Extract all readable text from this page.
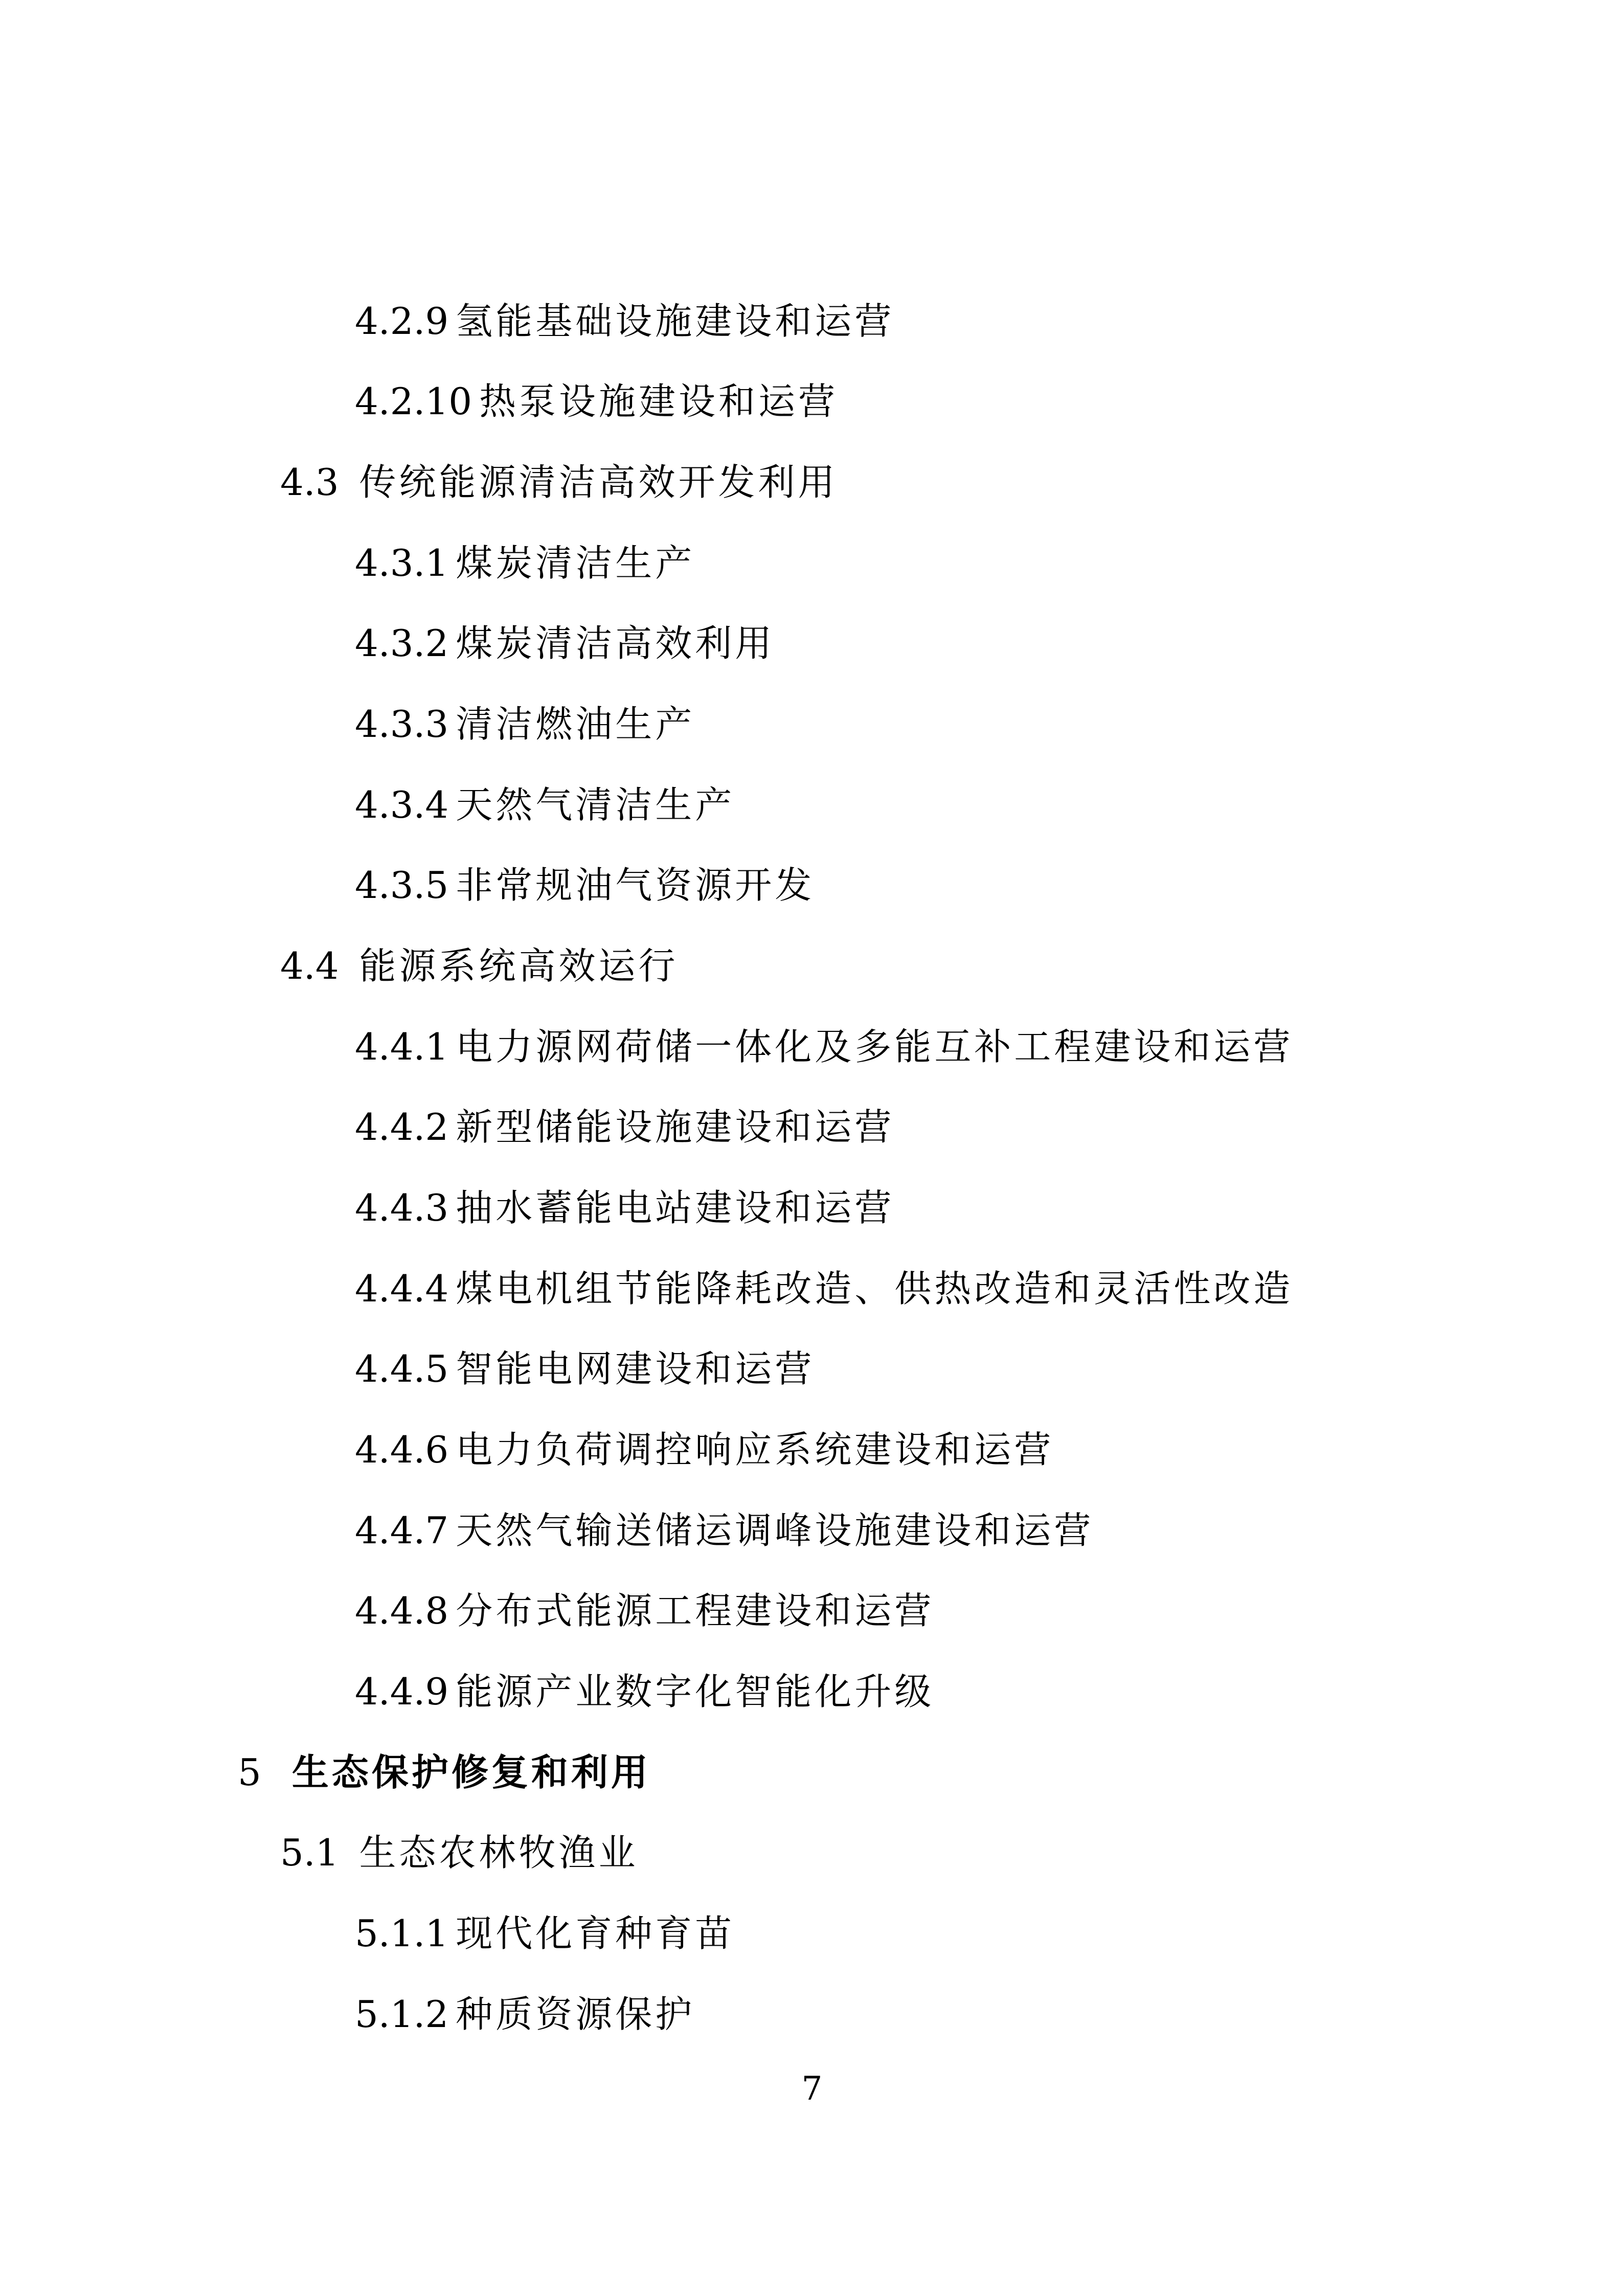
4.2.9 氢能基础设施建设和运营
4.2.10 热泵设施建设和运营
4.3 传统能源清洁高效开发利用
4.3.1 煤炭清洁生产
4.3.2 煤炭清洁高效利用
4.3.3 清洁燃油生产
4.3.4 天然气清洁生产
4.3.5 非常规油气资源开发
4.4 能源系统高效运行
4.4.1 电力源网荷储一体化及多能互补工程建设和运营
4.4.2 新型储能设施建设和运营
4.4.3 抽水蓄能电站建设和运营
4.4.4 煤电机组节能降耗改造、供热改造和灵活性改造
4.4.5 智能电网建设和运营
4.4.6 电力负荷调控响应系统建设和运营
4.4.7 天然气输送储运调峰设施建设和运营
4.4.8 分布式能源工程建设和运营
4.4.9 能源产业数字化智能化升级
5 生态保护修复和利用
5.1 生态农林牧渔业
5.1.1 现代化育种育苗
5.1.2 种质资源保护
7
